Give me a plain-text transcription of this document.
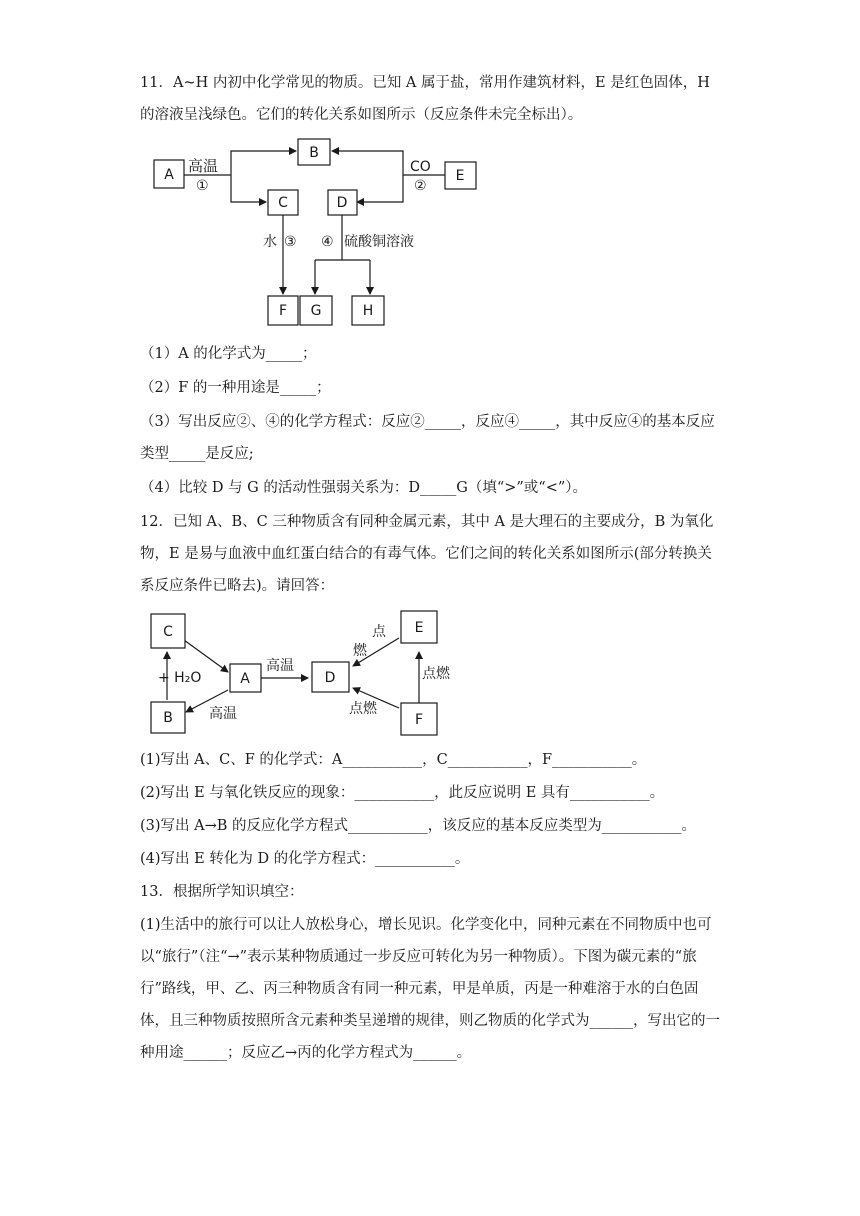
11．A~H 内初中化学常见的物质。已知 A 属于盐，常用作建筑材料，E 是红色固体，H 的溶液呈浅绿色。它们的转化关系如图所示（反应条件未完全标出）。

A
B
C	D
E
F G	H
高温
①
CO
②
水 ③ ④ 硫酸铜溶液

（1）A 的化学式为_____；

（2）F 的一种用途是_____；

（3）写出反应②、④的化学方程式：反应②_____，反应④_____，其中反应④的基本反应类型_____是反应;

（4）比较 D 与 G 的活动性强弱关系为：D_____G（填“>”或“<”）。

12．已知 A、B、C 三种物质含有同种金属元素，其中 A 是大理石的主要成分，B 为氧化物，E 是易与血液中血红蛋白结合的有毒气体。它们之间的转化关系如图所示(部分转换关系反应条件已略去)。请回答：

C
A
B
D
E
F
+ H₂O
高温
高温
点
燃
点燃
点燃

(1)写出 A、C、F 的化学式：A___________，C___________，F___________。

(2)写出 E 与氧化铁反应的现象：___________，此反应说明 E 具有___________。

(3)写出 A→B 的反应化学方程式___________，该反应的基本反应类型为___________。

(4)写出 E 转化为 D 的化学方程式：___________。

13．根据所学知识填空：

(1)生活中的旅行可以让人放松身心，增长见识。化学变化中，同种元素在不同物质中也可以“旅行”（注“→”表示某种物质通过一步反应可转化为另一种物质）。下图为碳元素的“旅行”路线，甲、乙、丙三种物质含有同一种元素，甲是单质，丙是一种难溶于水的白色固体，且三种物质按照所含元素种类呈递增的规律，则乙物质的化学式为______，写出它的一种用途______；反应乙→丙的化学方程式为______。
